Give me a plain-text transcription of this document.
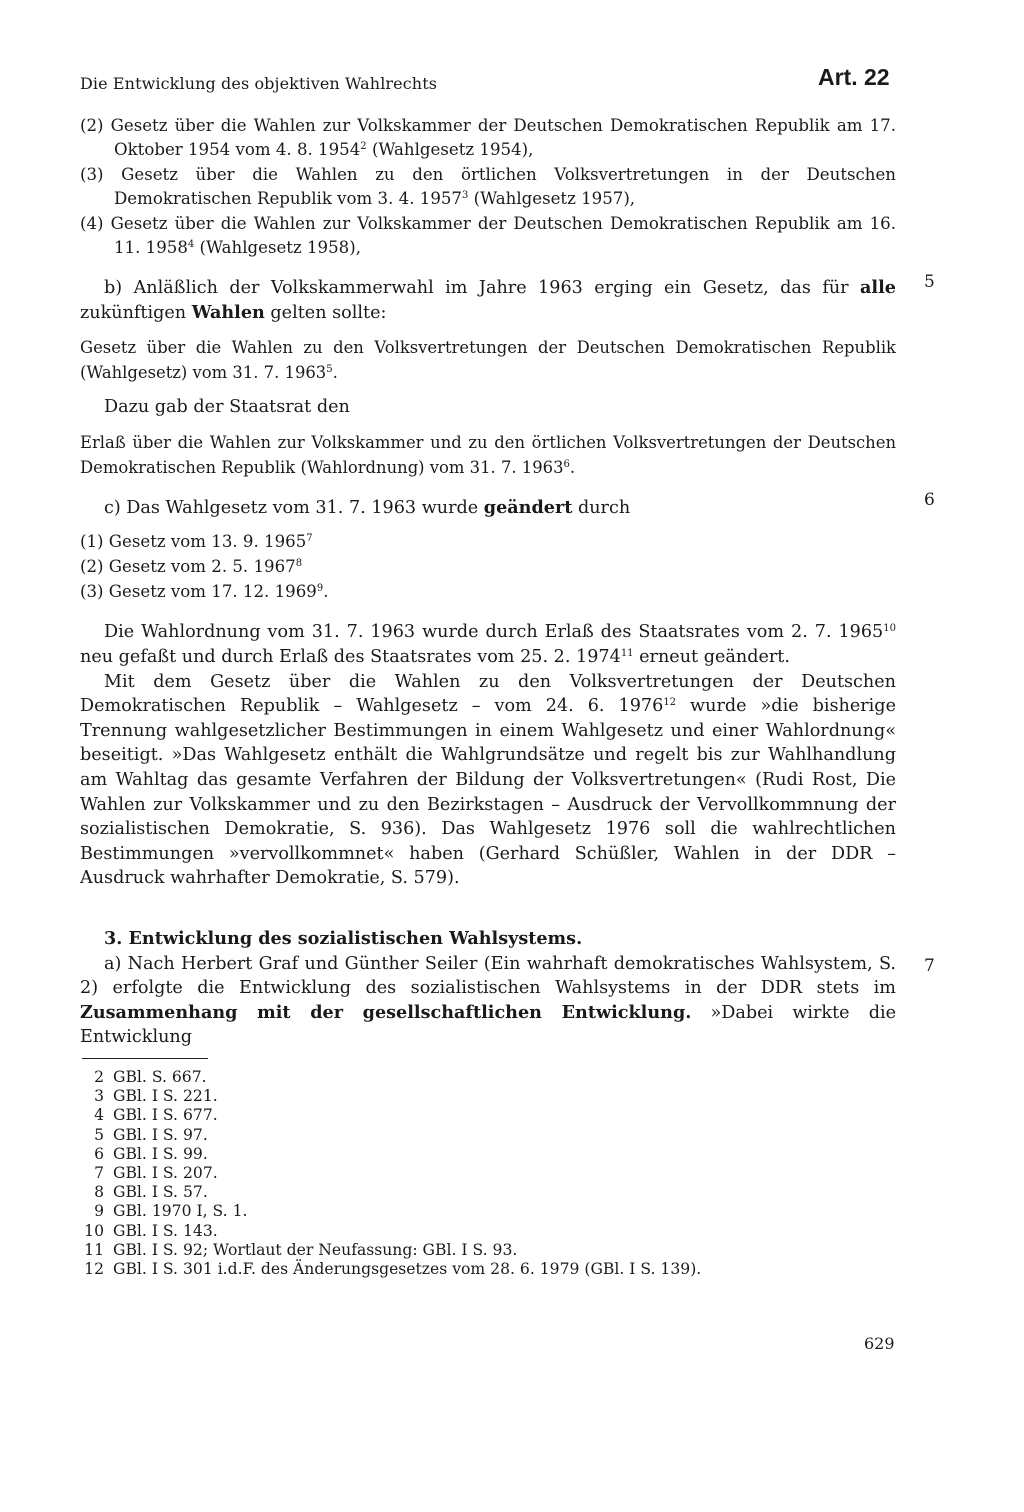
Die Entwicklung des objektiven Wahlrechts	Art. 22
5
6
7

(2) Gesetz über die Wahlen zur Volkskammer der Deutschen Demokratischen Republik am 17. Oktober 1954 vom 4. 8. 1954$^2$ (Wahlgesetz 1954),

(3) Gesetz über die Wahlen zu den örtlichen Volksvertretungen in der Deutschen Demokratischen Republik vom 3. 4. 1957$^3$ (Wahlgesetz 1957),

(4) Gesetz über die Wahlen zur Volkskammer der Deutschen Demokratischen Republik am 16. 11. 1958$^4$ (Wahlgesetz 1958),

b) Anläßlich der Volkskammerwahl im Jahre 1963 erging ein Gesetz, das für alle zukünftigen Wahlen gelten sollte:

Gesetz über die Wahlen zu den Volksvertretungen der Deutschen Demokratischen Republik (Wahlgesetz) vom 31. 7. 1963$^5$.

Dazu gab der Staatsrat den

Erlaß über die Wahlen zur Volkskammer und zu den örtlichen Volksvertretungen der Deutschen Demokratischen Republik (Wahlordnung) vom 31. 7. 1963$^6$.

c) Das Wahlgesetz vom 31. 7. 1963 wurde geändert durch

(1) Gesetz vom 13. 9. 1965$^7$

(2) Gesetz vom 2. 5. 1967$^8$

(3) Gesetz vom 17. 12. 1969$^9$.

Die Wahlordnung vom 31. 7. 1963 wurde durch Erlaß des Staatsrates vom 2. 7. 1965$^{10}$ neu gefaßt und durch Erlaß des Staatsrates vom 25. 2. 1974$^{11}$ erneut geändert.

Mit dem Gesetz über die Wahlen zu den Volksvertretungen der Deutschen Demokratischen Republik – Wahlgesetz – vom 24. 6. 1976$^{12}$ wurde »die bisherige Trennung wahlgesetzlicher Bestimmungen in einem Wahlgesetz und einer Wahlordnung« beseitigt. »Das Wahlgesetz enthält die Wahlgrundsätze und regelt bis zur Wahlhandlung am Wahltag das gesamte Verfahren der Bildung der Volksvertretungen« (Rudi Rost, Die Wahlen zur Volkskammer und zu den Bezirkstagen – Ausdruck der Vervollkommnung der sozialistischen Demokratie, S. 936). Das Wahlgesetz 1976 soll die wahlrechtlichen Bestimmungen »vervollkommnet« haben (Gerhard Schüßler, Wahlen in der DDR – Ausdruck wahrhafter Demokratie, S. 579).

3. Entwicklung des sozialistischen Wahlsystems.

a) Nach Herbert Graf und Günther Seiler (Ein wahrhaft demokratisches Wahlsystem, S. 2) erfolgte die Entwicklung des sozialistischen Wahlsystems in der DDR stets im Zusammenhang mit der gesellschaftlichen Entwicklung. »Dabei wirkte die Entwicklung

2 GBl. S. 667.
3 GBl. I S. 221.
4 GBl. I S. 677.
5 GBl. I S. 97.
6 GBl. I S. 99.
7 GBl. I S. 207.
8 GBl. I S. 57.
9 GBl. 1970 I, S. 1.
10 GBl. I S. 143.
11 GBl. I S. 92; Wortlaut der Neufassung: GBl. I S. 93.
12 GBl. I S. 301 i.d.F. des Änderungsgesetzes vom 28. 6. 1979 (GBl. I S. 139).
629
